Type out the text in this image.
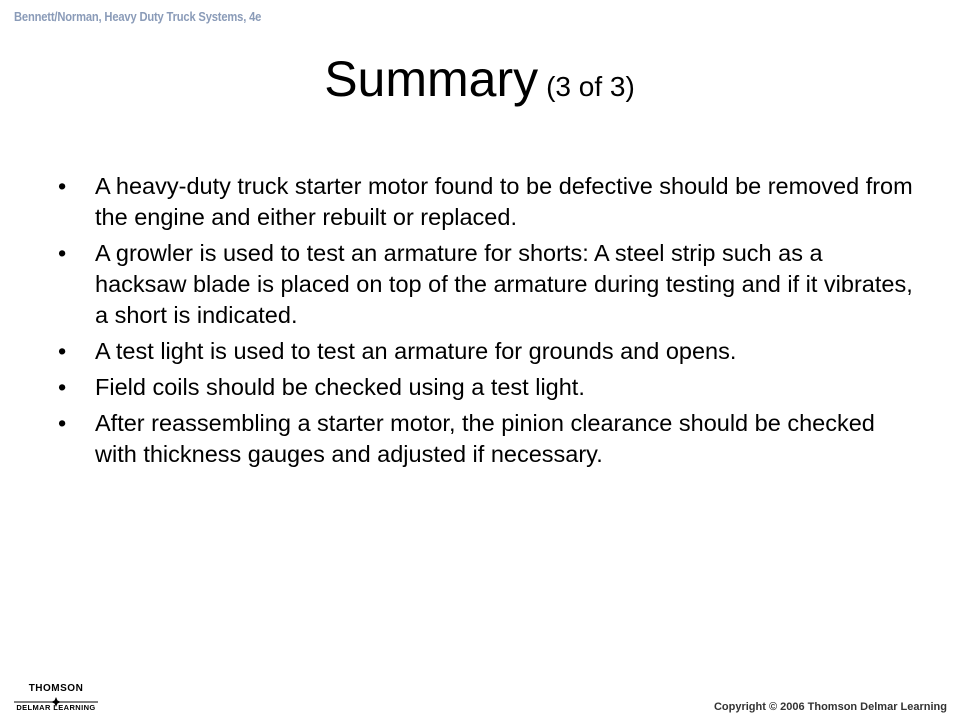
Bennett/Norman, Heavy Duty Truck Systems, 4e
Summary (3 of 3)
• A heavy-duty truck starter motor found to be defective should be removed from the engine and either rebuilt or replaced.
• A growler is used to test an armature for shorts: A steel strip such as a hacksaw blade is placed on top of the armature during testing and if it vibrates, a short is indicated.
• A test light is used to test an armature for grounds and opens.
• Field coils should be checked using a test light.
• After reassembling a starter motor, the pinion clearance should be checked with thickness gauges and adjusted if necessary.
THOMSON
DELMAR LEARNING	Copyright © 2006 Thomson Delmar Learning
